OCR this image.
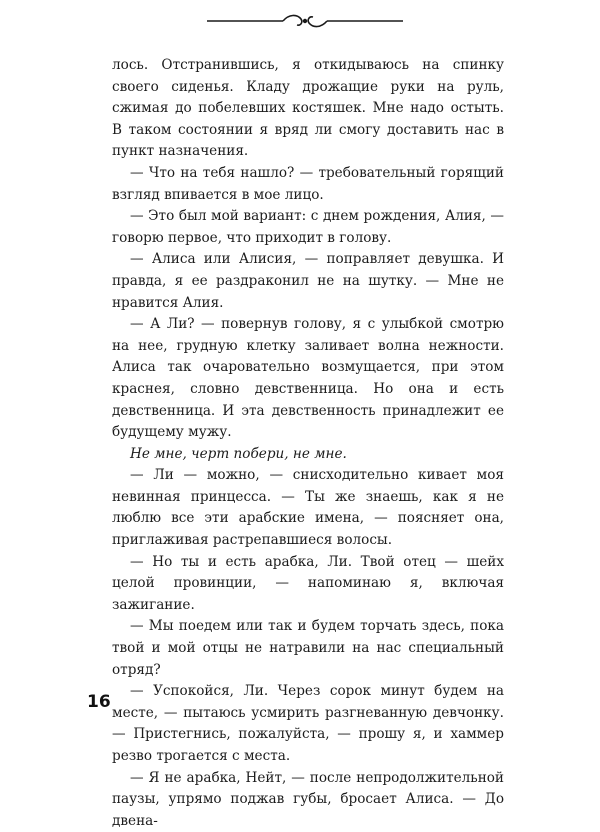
лось. Отстранившись, я откидываюсь на спинку своего сиденья. Кладу дрожащие руки на руль, сжимая до побелевших костяшек. Мне надо остыть. В таком состоянии я вряд ли смогу доставить нас в пункт назначения.

— Что на тебя нашло? — требовательный горящий взгляд впивается в мое лицо.

— Это был мой вариант: с днем рождения, Алия, — говорю первое, что приходит в голову.

— Алиса или Алисия, — поправляет девушка. И правда, я ее раздраконил не на шутку. — Мне не нравится Алия.

— А Ли? — повернув голову, я с улыбкой смотрю на нее, грудную клетку заливает волна нежности. Алиса так очаровательно возмущается, при этом краснея, словно девственница. Но она и есть девственница. И эта девственность принадлежит ее будущему мужу.

Не мне, черт побери, не мне.

— Ли — можно, — снисходительно кивает моя невинная принцесса. — Ты же знаешь, как я не люблю все эти арабские имена, — поясняет она, приглаживая растрепавшиеся волосы.

— Но ты и есть арабка, Ли. Твой отец — шейх целой провинции, — напоминаю я, включая зажигание.

— Мы поедем или так и будем торчать здесь, пока твой и мой отцы не натравили на нас специальный отряд?

— Успокойся, Ли. Через сорок минут будем на месте, — пытаюсь усмирить разгневанную девчонку. — Пристегнись, пожалуйста, — прошу я, и хаммер резво трогается с места.

— Я не арабка, Нейт, — после непродолжительной паузы, упрямо поджав губы, бросает Алиса. — До двена-

16
